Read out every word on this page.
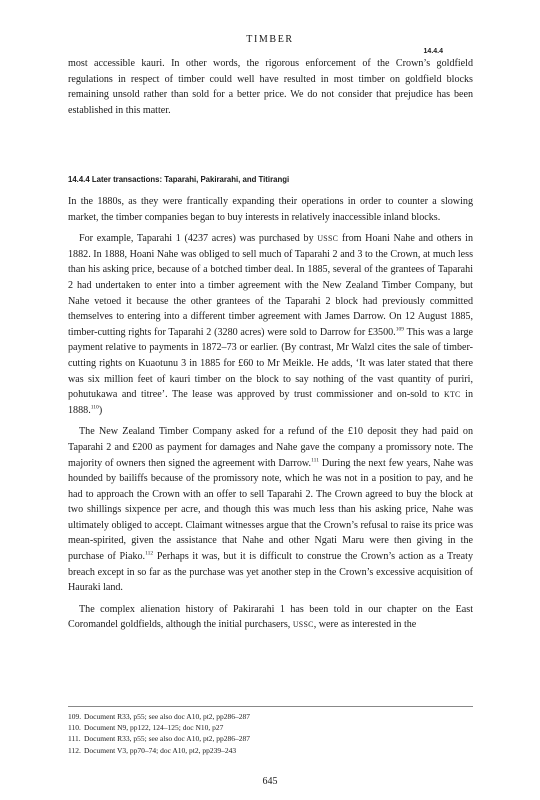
TIMBER
14.4.4

most accessible kauri. In other words, the rigorous enforcement of the Crown’s goldfield regulations in respect of timber could well have resulted in most timber on goldfield blocks remaining unsold rather than sold for a better price. We do not consider that prejudice has been established in this matter.

14.4.4 Later transactions: Taparahi, Pakirarahi, and Titirangi

In the 1880s, as they were frantically expanding their operations in order to counter a slowing market, the timber companies began to buy interests in relatively inaccessible inland blocks.

For example, Taparahi 1 (4237 acres) was purchased by USSC from Hoani Nahe and others in 1882. In 1888, Hoani Nahe was obliged to sell much of Taparahi 2 and 3 to the Crown, at much less than his asking price, because of a botched timber deal. In 1885, several of the grantees of Taparahi 2 had undertaken to enter into a timber agreement with the New Zealand Timber Company, but Nahe vetoed it because the other grantees of the Taparahi 2 block had previously committed themselves to entering into a different timber agreement with James Darrow. On 12 August 1885, timber-cutting rights for Taparahi 2 (3280 acres) were sold to Darrow for £3500.$^{109}$ This was a large payment relative to payments in 1872–73 or earlier. (By contrast, Mr Walzl cites the sale of timber-cutting rights on Kuaotunu 3 in 1885 for £60 to Mr Meikle. He adds, ‘It was later stated that there was six million feet of kauri timber on the block to say nothing of the vast quantity of puriri, pohutukawa and titree’. The lease was approved by trust commissioner and on-sold to KTC in 1888.$^{110}$)

The New Zealand Timber Company asked for a refund of the £10 deposit they had paid on Taparahi 2 and £200 as payment for damages and Nahe gave the company a promissory note. The majority of owners then signed the agreement with Darrow.$^{111}$ During the next few years, Nahe was hounded by bailiffs because of the promissory note, which he was not in a position to pay, and he had to approach the Crown with an offer to sell Taparahi 2. The Crown agreed to buy the block at two shillings sixpence per acre, and though this was much less than his asking price, Nahe was ultimately obliged to accept. Claimant witnesses argue that the Crown’s refusal to raise its price was mean-spirited, given the assistance that Nahe and other Ngati Maru were then giving in the purchase of Piako.$^{112}$ Perhaps it was, but it is difficult to construe the Crown’s action as a Treaty breach except in so far as the purchase was yet another step in the Crown’s excessive acquisition of Hauraki land.

The complex alienation history of Pakirarahi 1 has been told in our chapter on the East Coromandel goldfields, although the initial purchasers, USSC, were as interested in the

109. Document R33, p55; see also doc A10, pt2, pp286–287
110. Document N9, pp122, 124–125; doc N10, p27
111. Document R33, p55; see also doc A10, pt2, pp286–287
112. Document V3, pp70–74; doc A10, pt2, pp239–243
645
